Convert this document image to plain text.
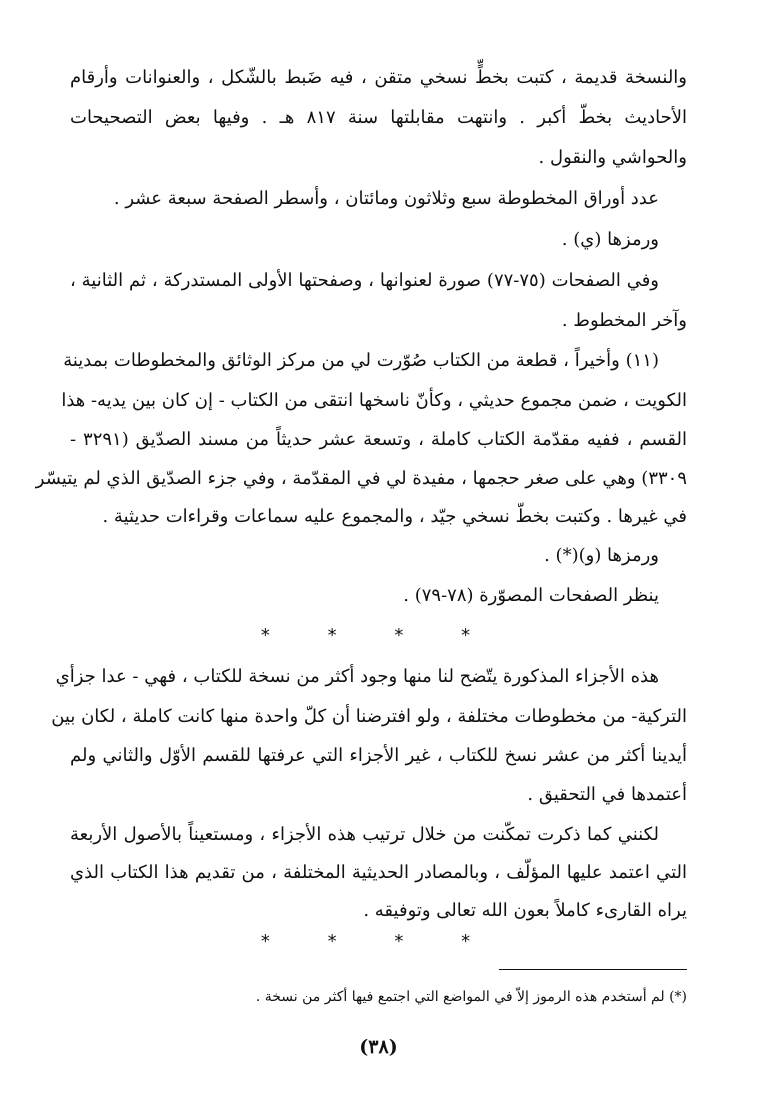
والنسخة قديمة ، كتبت بخطٍّ نسخي متقن ، فيه ضَبط بالشّكل ، والعنوانات وأرقام
الأحاديث بخطّ أكبر . وانتهت مقابلتها سنة ٨١٧ هـ . وفيها بعض التصحيحات
والحواشي والنقول .
عدد أوراق المخطوطة سبع وثلاثون ومائتان ، وأسطر الصفحة سبعة عشر .
ورمزها (ي) .
وفي الصفحات (٧٥-٧٧) صورة لعنوانها ، وصفحتها الأولى المستدركة ، ثم الثانية ،
وآخر المخطوط .
(١١) وأخيراً ، قطعة من الكتاب صُوّرت لي من مركز الوثائق والمخطوطات بمدينة
الكويت ، ضمن مجموع حديثي ، وكأنّ ناسخها انتقى من الكتاب - إن كان بين يديه- هذا
القسم ، ففيه مقدّمة الكتاب كاملة ، وتسعة عشر حديثاً من مسند الصدّيق (٣٢٩١ -
٣٣٠٩) وهي على صغر حجمها ، مفيدة لي في المقدّمة ، وفي جزء الصدّيق الذي لم يتيسّر
في غيرها . وكتبت بخطّ نسخي جيّد ، والمجموع عليه سماعات وقراءات حديثية .
ورمزها (و)(*) .
ينظر الصفحات المصوّرة (٧٨-٧٩) .
* * * *
هذه الأجزاء المذكورة يتّضح لنا منها وجود أكثر من نسخة للكتاب ، فهي - عدا جزأي
التركية- من مخطوطات مختلفة ، ولو افترضنا أن كلّ واحدة منها كانت كاملة ، لكان بين
أيدينا أكثر من عشر نسخ للكتاب ، غير الأجزاء التي عرفتها للقسم الأوّل والثاني ولم
أعتمدها في التحقيق .
لكنني كما ذكرت تمكّنت من خلال ترتيب هذه الأجزاء ، ومستعيناً بالأصول الأربعة
التي اعتمد عليها المؤلّف ، وبالمصادر الحديثية المختلفة ، من تقديم هذا الكتاب الذي
يراه القارىء كاملاً بعون الله تعالى وتوفيقه .
* * * *
(*) لم أستخدم هذه الرموز إلاّ في المواضع التي اجتمع فيها أكثر من نسخة .
(٣٨)
